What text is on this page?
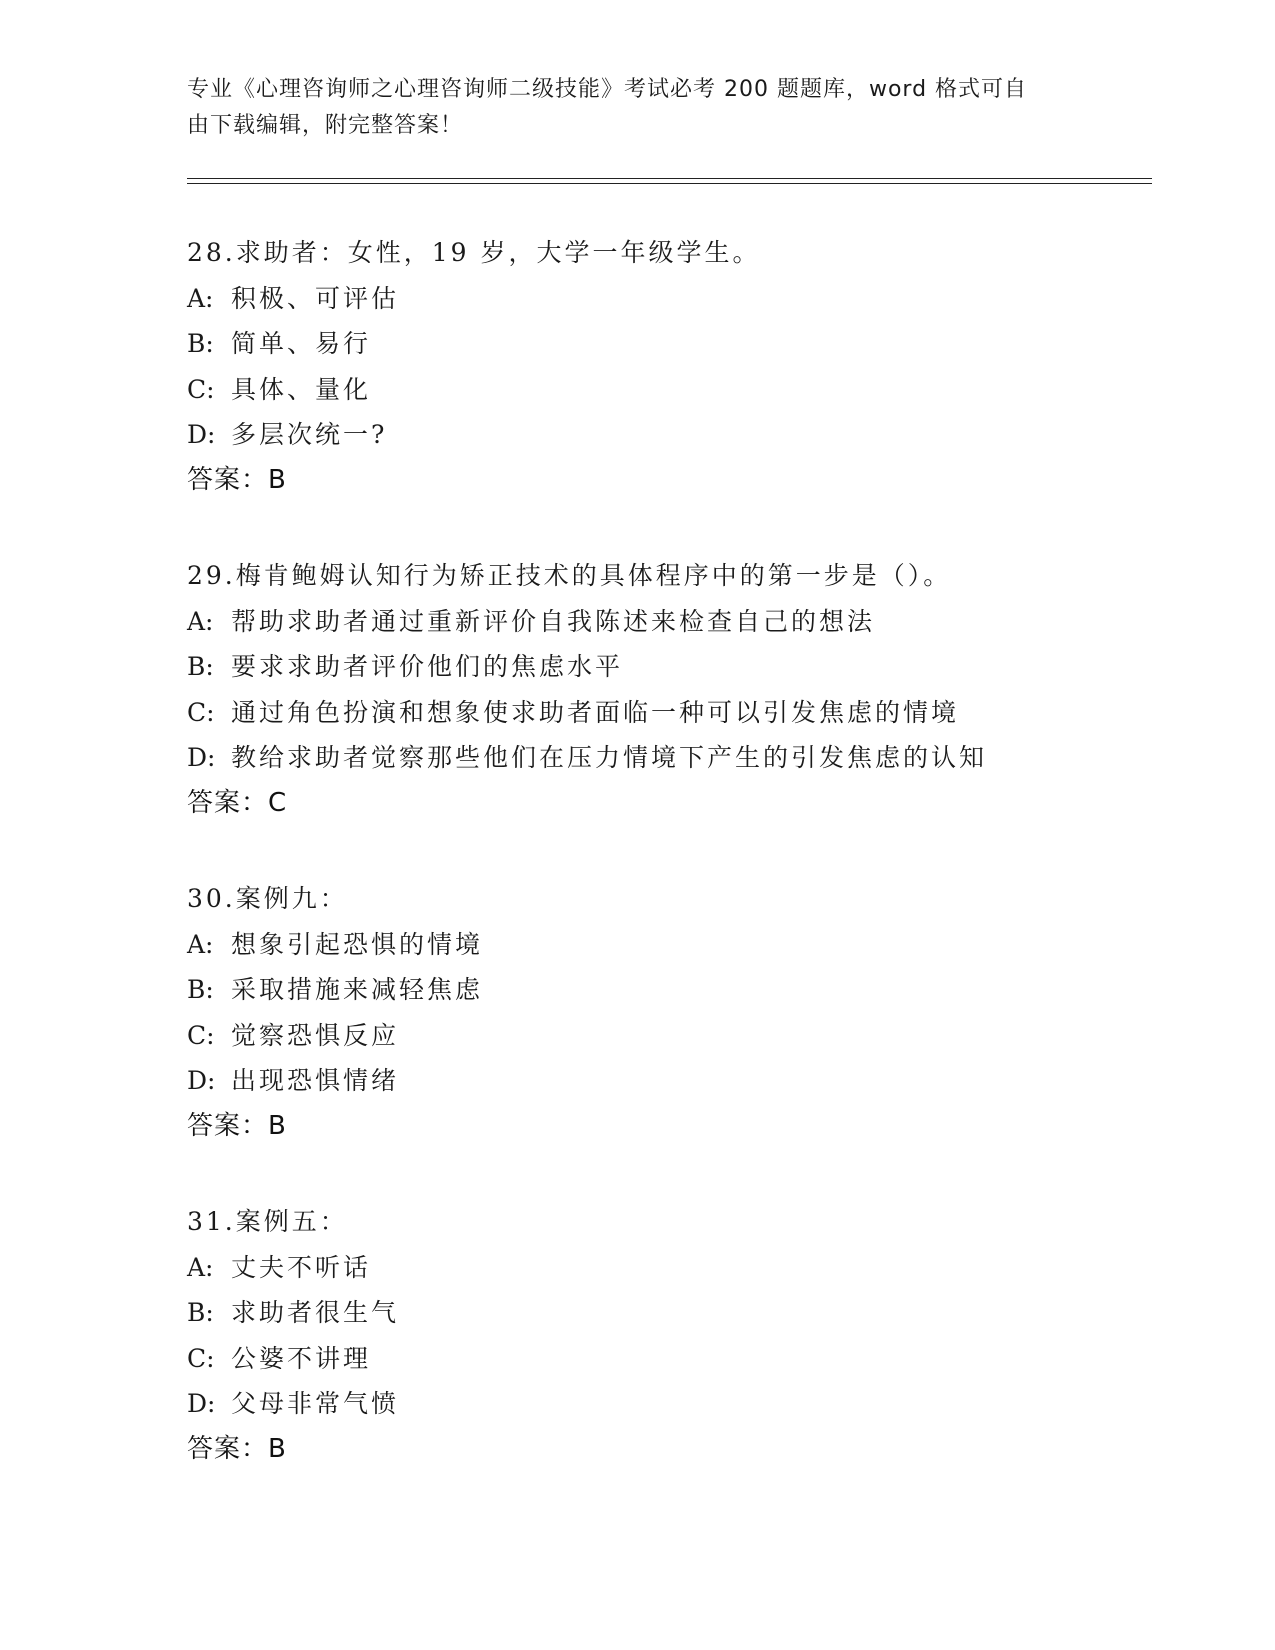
专业《心理咨询师之心理咨询师二级技能》考试必考 200 题题库，word 格式可自
由下载编辑，附完整答案！
28.求助者：女性，19 岁，大学一年级学生。
A: 积极、可评估
B: 简单、易行
C: 具体、量化
D: 多层次统一?
答案：B
29.梅肯鲍姆认知行为矫正技术的具体程序中的第一步是（）。
A: 帮助求助者通过重新评价自我陈述来检查自己的想法
B: 要求求助者评价他们的焦虑水平
C: 通过角色扮演和想象使求助者面临一种可以引发焦虑的情境
D: 教给求助者觉察那些他们在压力情境下产生的引发焦虑的认知
答案：C
30.案例九：
A: 想象引起恐惧的情境
B: 采取措施来减轻焦虑
C: 觉察恐惧反应
D: 出现恐惧情绪
答案：B
31.案例五：
A: 丈夫不听话
B: 求助者很生气
C: 公婆不讲理
D: 父母非常气愤
答案：B
